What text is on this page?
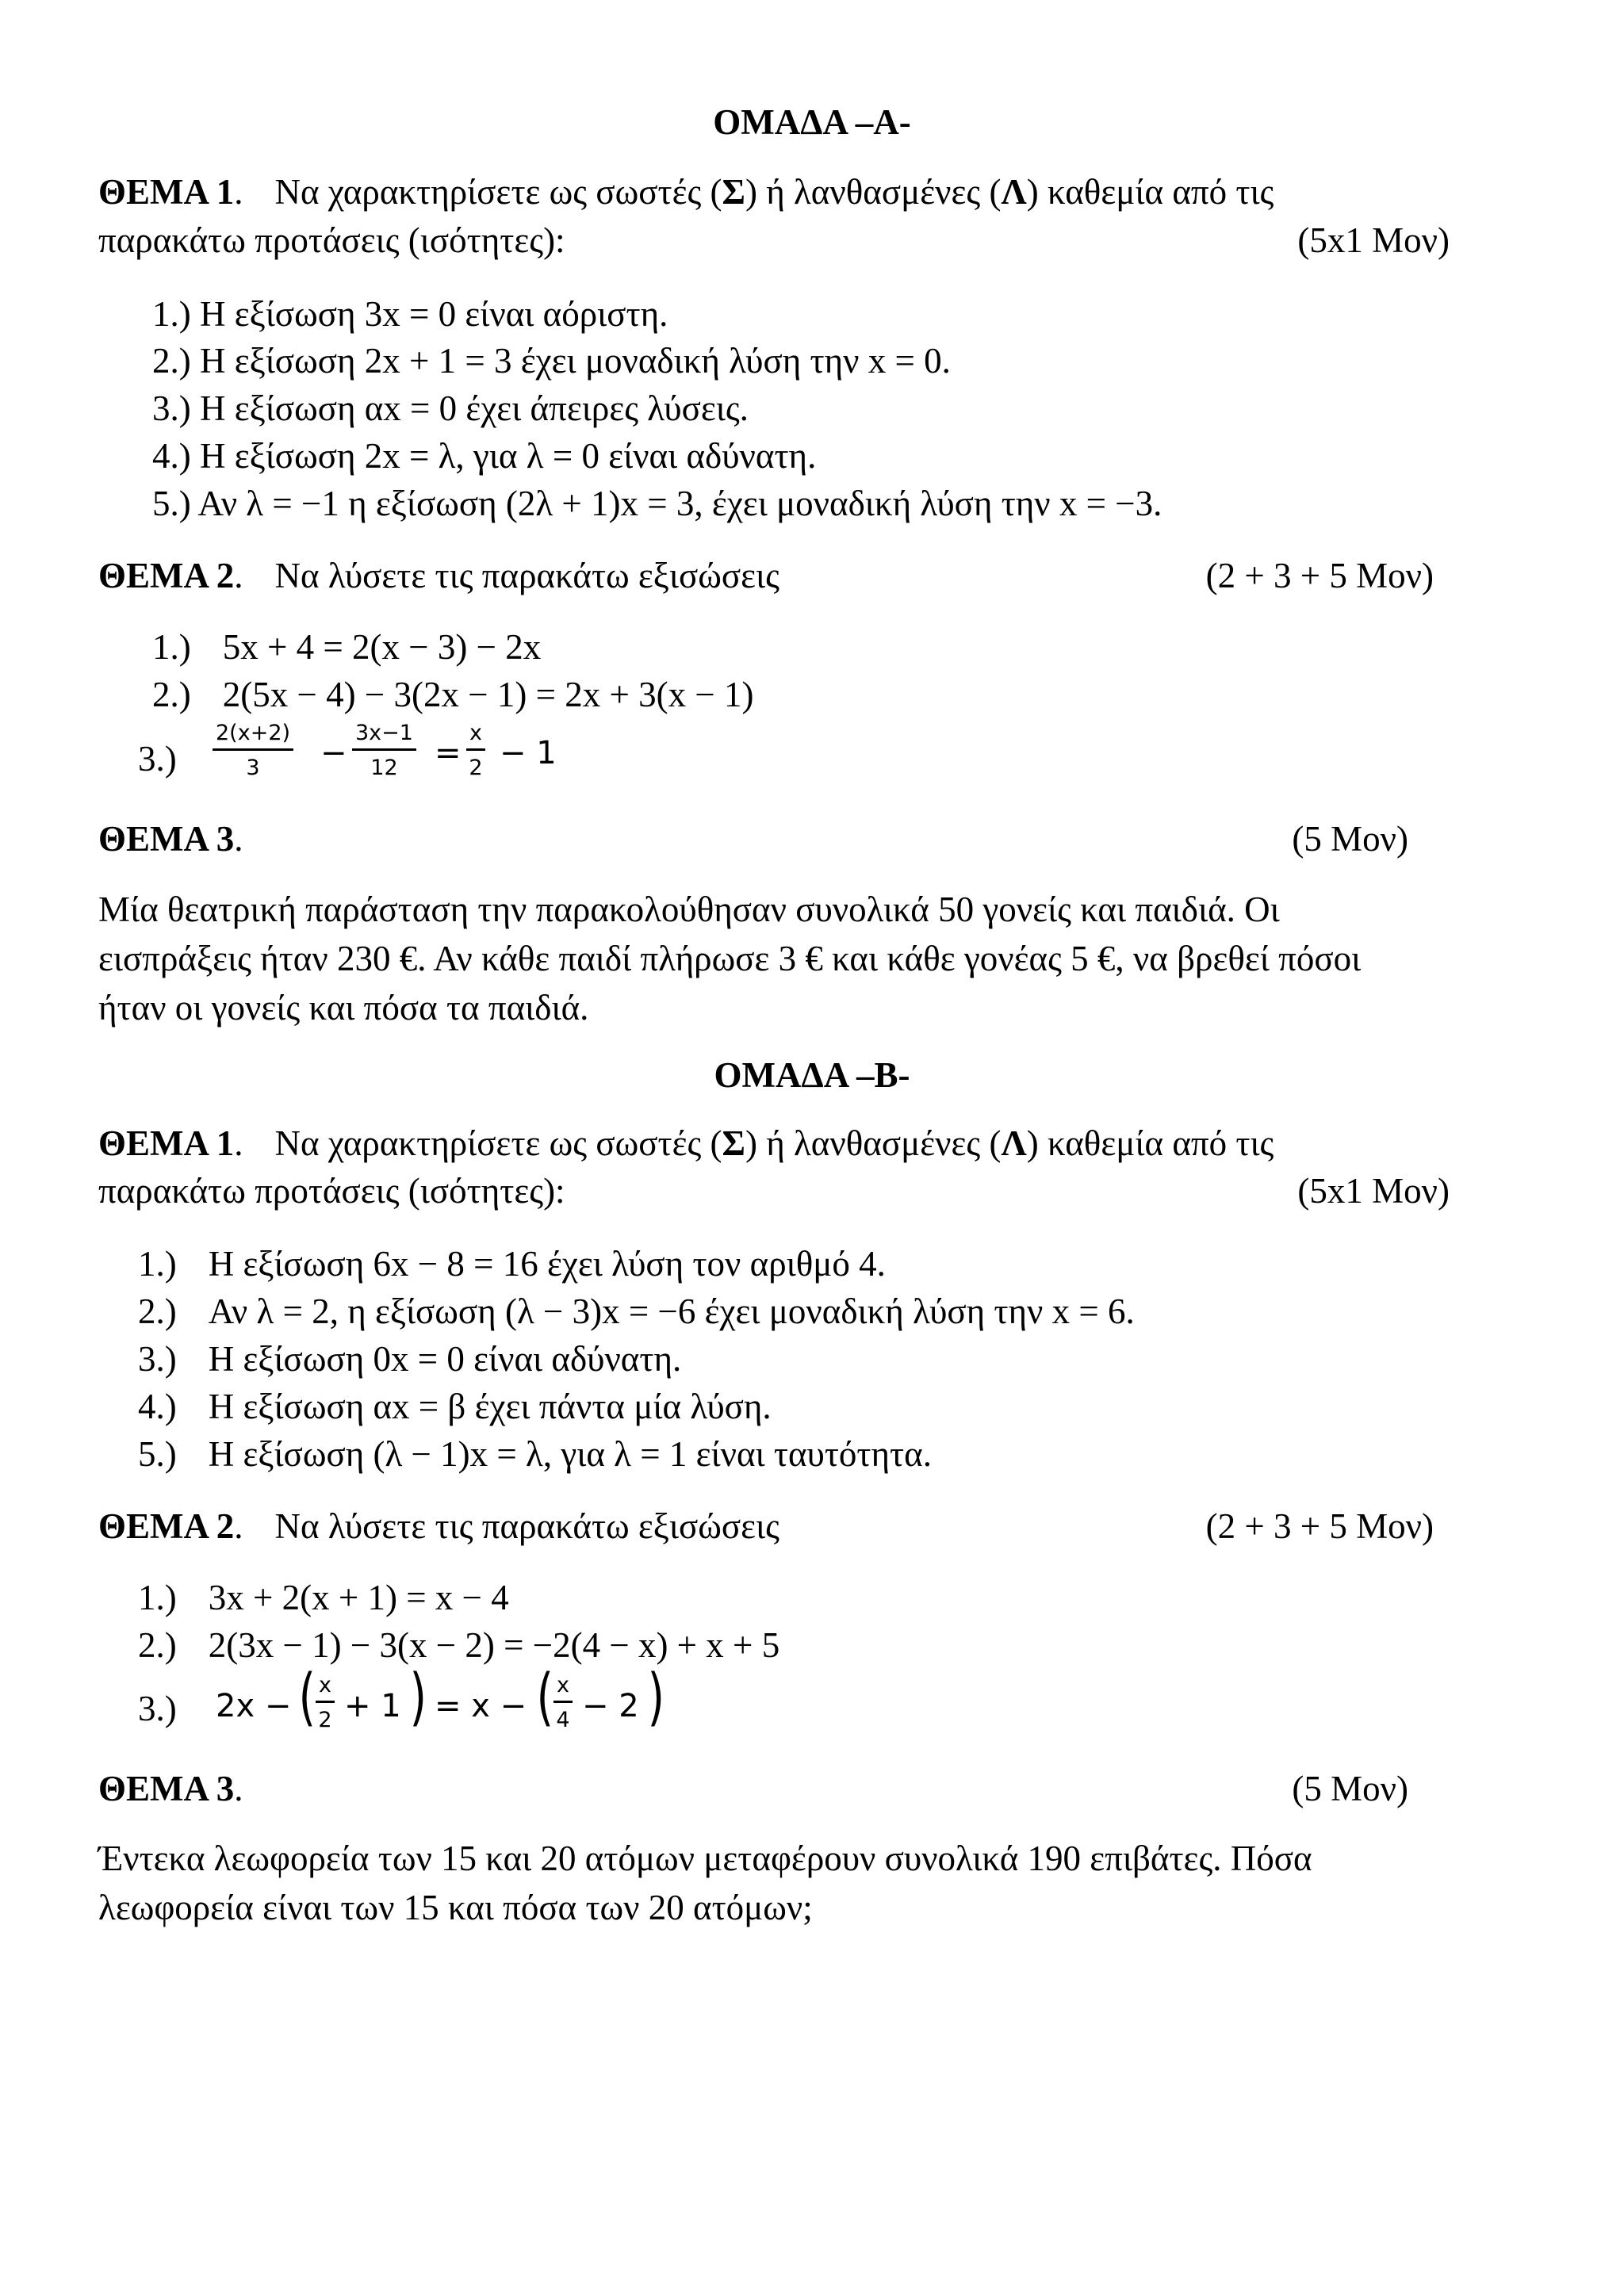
ΟΜΑΔΑ –Α-
ΘΕΜΑ 1. Να χαρακτηρίσετε ως σωστές (Σ) ή λανθασμένες (Λ) καθεμία από τις
παρακάτω προτάσεις (ισότητες):	(5x1 Μον)
1.) Η εξίσωση 3x = 0 είναι αόριστη.
2.) Η εξίσωση 2x + 1 = 3 έχει μοναδική λύση την x = 0.
3.) Η εξίσωση αx = 0 έχει άπειρες λύσεις.
4.) Η εξίσωση 2x = λ, για λ = 0 είναι αδύνατη.
5.) Αν λ = −1 η εξίσωση (2λ + 1)x = 3, έχει μοναδική λύση την x = −3.
ΘΕΜΑ 2. Να λύσετε τις παρακάτω εξισώσεις	(2 + 3 + 5 Μον)
1.) 5x + 4 = 2(x − 3) − 2x
2.) 2(5x − 4) − 3(2x − 1) = 2x + 3(x − 1)
$3.) \frac{2(x+2)}{3} - \frac{3x-1}{12} = \frac{x}{2} - 1$
ΘΕΜΑ 3.	(5 Μον)
Μία θεατρική παράσταση την παρακολούθησαν συνολικά 50 γονείς και παιδιά. Οι
εισπράξεις ήταν 230 €. Αν κάθε παιδί πλήρωσε 3 € και κάθε γονέας 5 €, να βρεθεί πόσοι
ήταν οι γονείς και πόσα τα παιδιά.
ΟΜΑΔΑ –Β-
ΘΕΜΑ 1. Να χαρακτηρίσετε ως σωστές (Σ) ή λανθασμένες (Λ) καθεμία από τις
παρακάτω προτάσεις (ισότητες):	(5x1 Μον)
1.) Η εξίσωση 6x − 8 = 16 έχει λύση τον αριθμό 4.
2.) Αν λ = 2, η εξίσωση (λ − 3)x = −6 έχει μοναδική λύση την x = 6.
3.) Η εξίσωση 0x = 0 είναι αδύνατη.
4.) Η εξίσωση αx = β έχει πάντα μία λύση.
5.) Η εξίσωση (λ − 1)x = λ, για λ = 1 είναι ταυτότητα.
ΘΕΜΑ 2. Να λύσετε τις παρακάτω εξισώσεις	(2 + 3 + 5 Μον)
1.) 3x + 2(x + 1) = x − 4
2.) 2(3x − 1) − 3(x − 2) = −2(4 − x) + x + 5
3.) 2x − ( $\frac{x}{2} + 1$ ) = x − ( $\frac{x}{4} - 2$ )
ΘΕΜΑ 3.	(5 Μον)
Έντεκα λεωφορεία των 15 και 20 ατόμων μεταφέρουν συνολικά 190 επιβάτες. Πόσα
λεωφορεία είναι των 15 και πόσα των 20 ατόμων;
